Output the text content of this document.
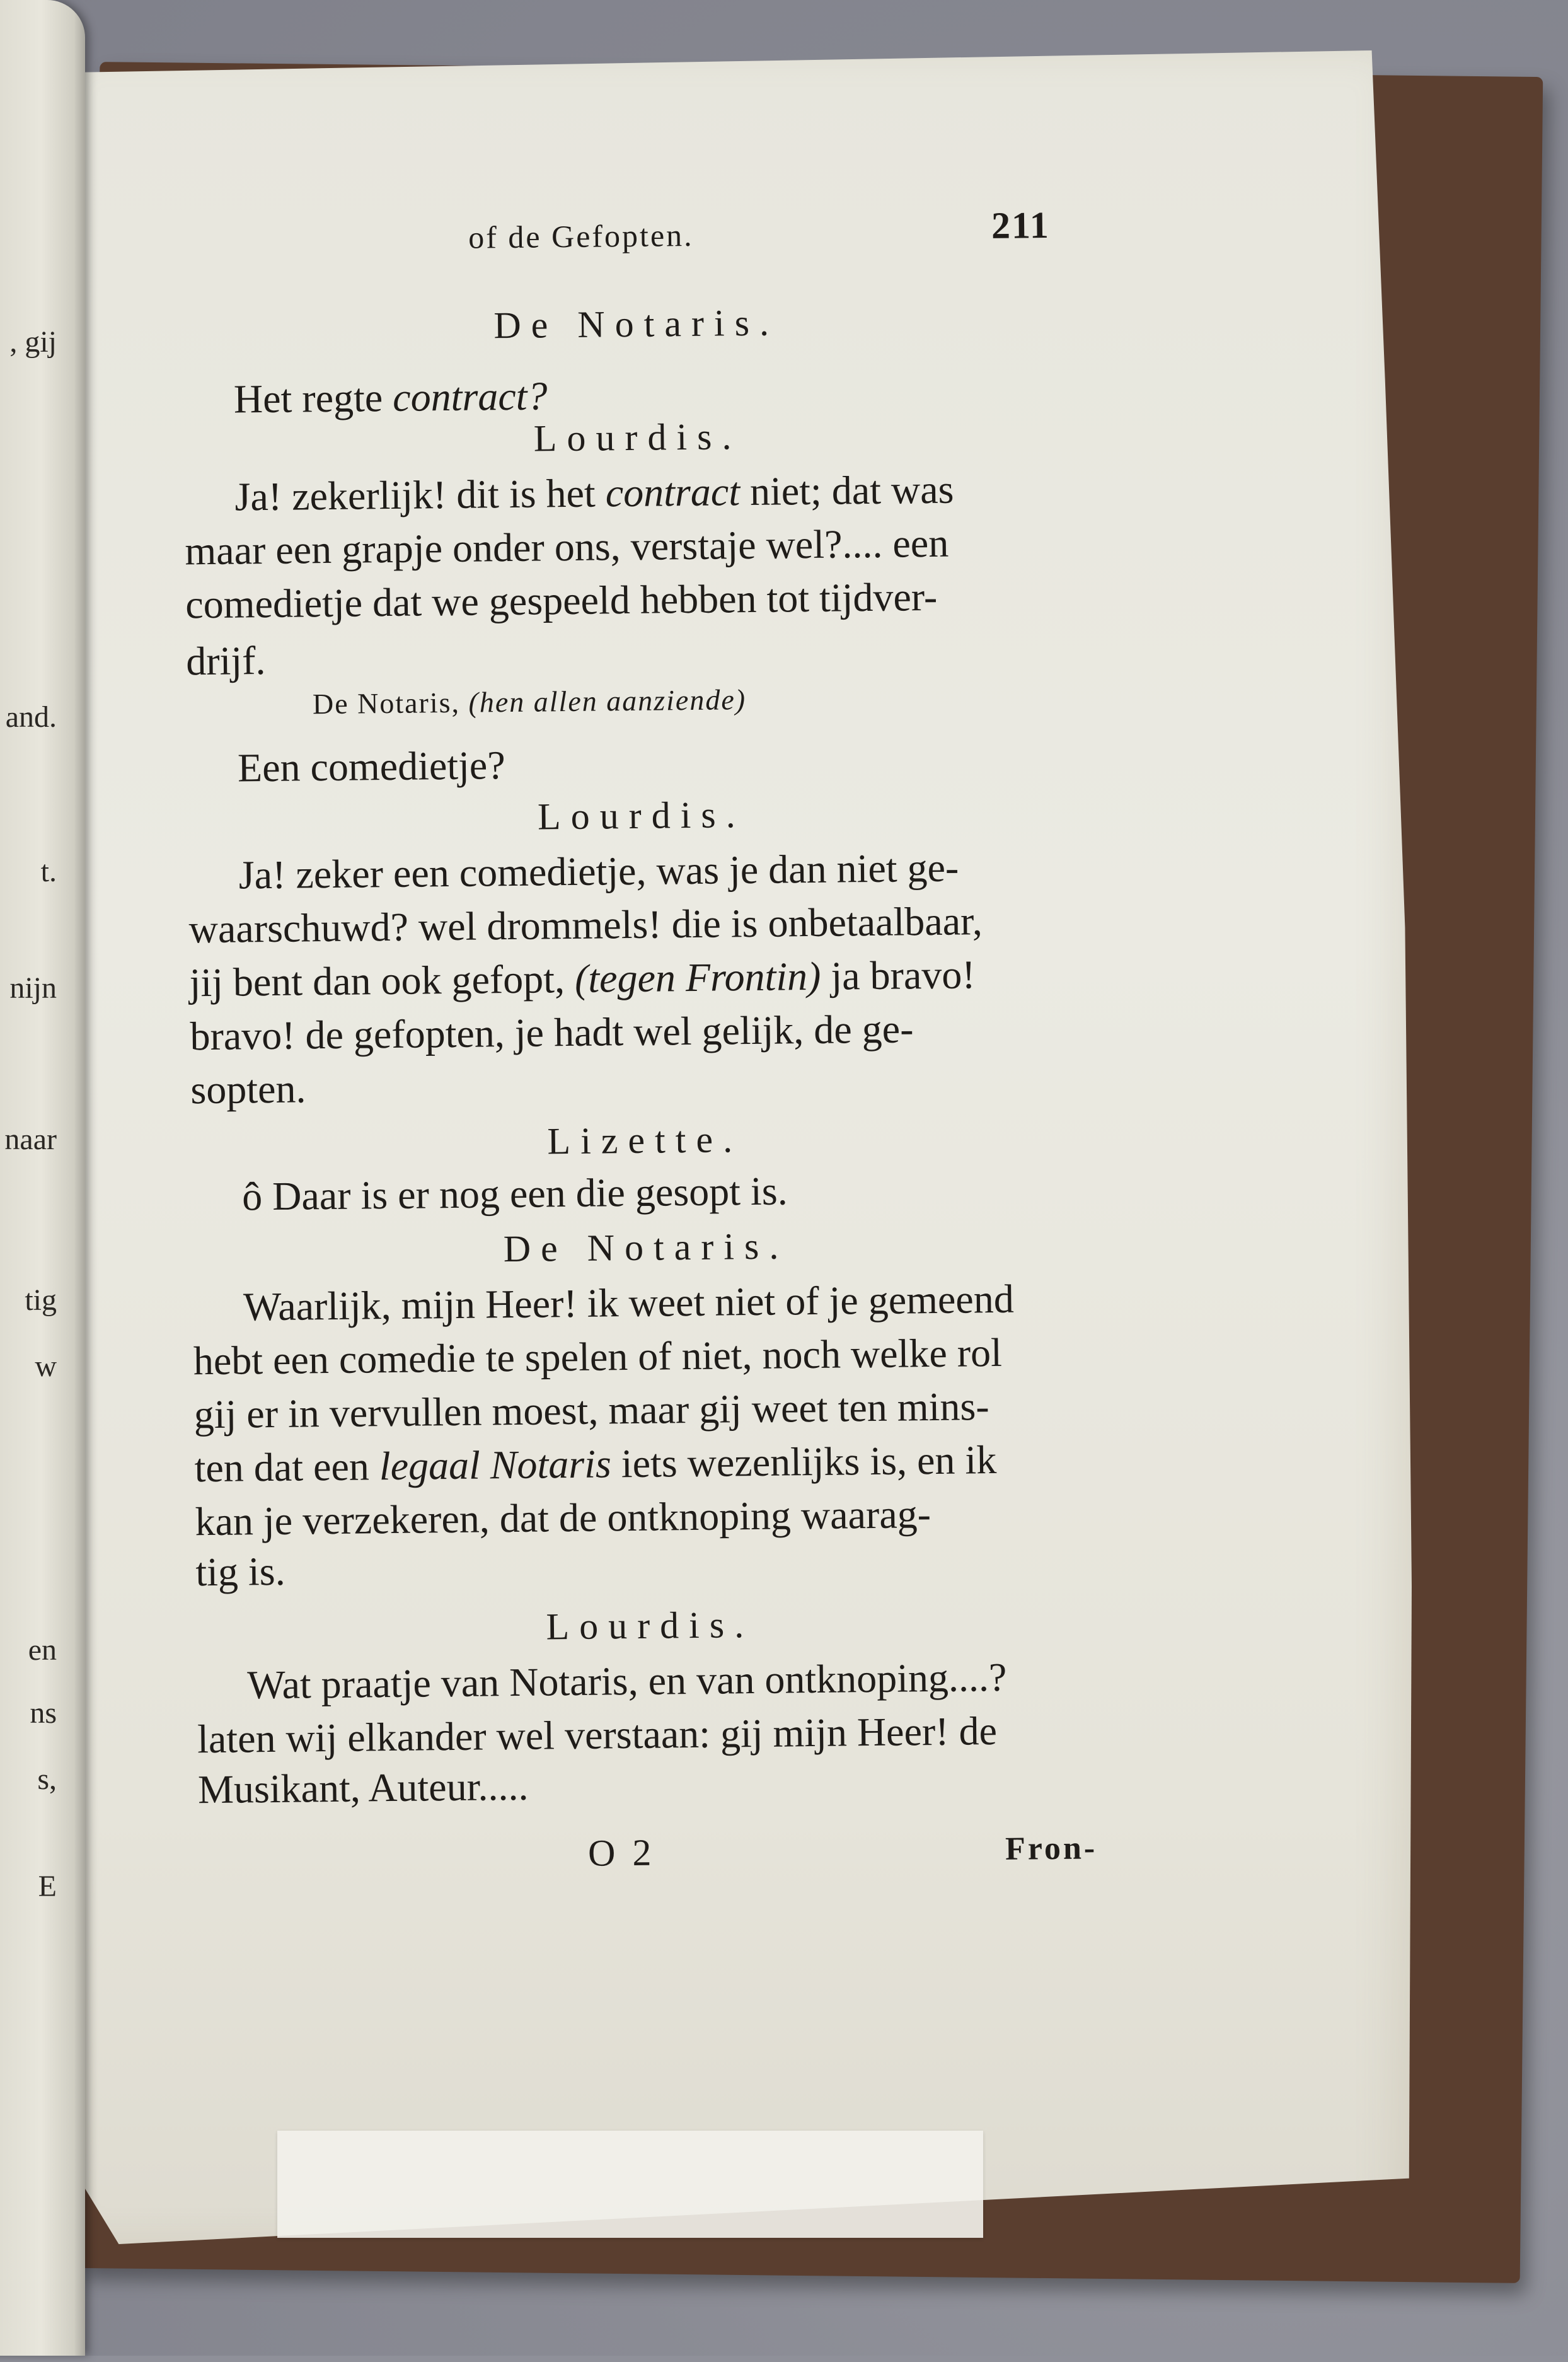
, gij
and.
t.
nijn
naar
tig
w
en
ns
s,
E
of de Gefopten.	211
De Notaris.
Het regte contract?
Lourdis.
Ja! zekerlijk! dit is het contract niet; dat was
maar een grapje onder ons, verstaje wel?.... een
comedietje dat we gespeeld hebben tot tijdver-
drijf.
De Notaris, (hen allen aanziende)
Een comedietje?
Lourdis.
Ja! zeker een comedietje, was je dan niet ge-
waarschuwd? wel drommels! die is onbetaalbaar,
jij bent dan ook gefopt, (tegen Frontin) ja bravo!
bravo! de gefopten, je hadt wel gelijk, de ge-
sopten.
Lizette.
ô Daar is er nog een die gesopt is.
De Notaris.
Waarlijk, mijn Heer! ik weet niet of je gemeend
hebt een comedie te spelen of niet, noch welke rol
gij er in vervullen moest, maar gij weet ten mins-
ten dat een legaal Notaris iets wezenlijks is, en ik
kan je verzekeren, dat de ontknoping waarag-
tig is.
Lourdis.
Wat praatje van Notaris, en van ontknoping....?
laten wij elkander wel verstaan: gij mijn Heer! de
Musikant, Auteur.....
O 2	Fron-
